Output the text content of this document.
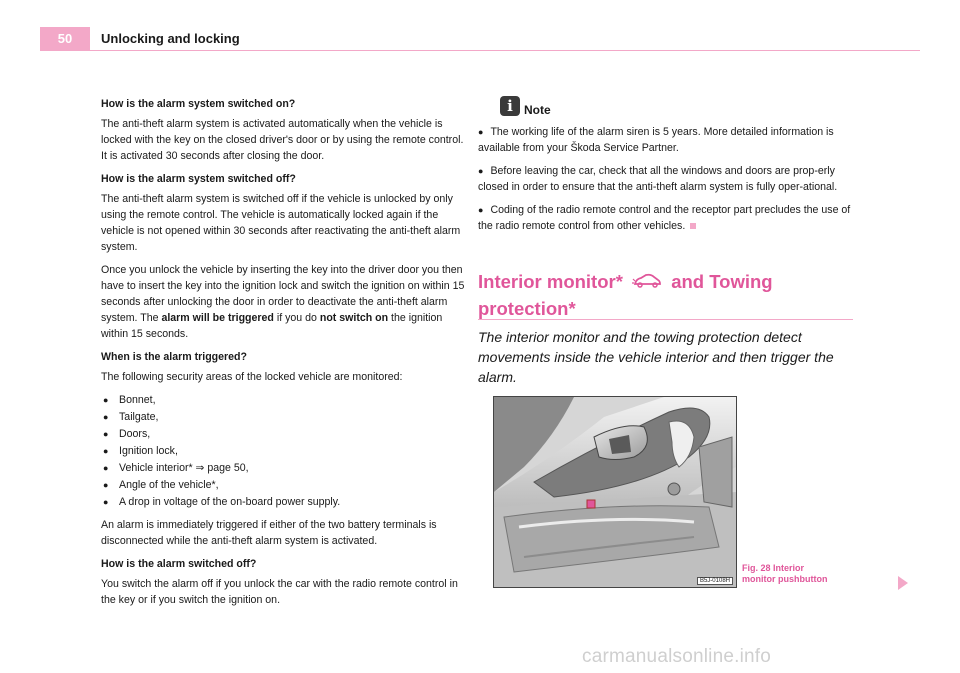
50	Unlocking and locking

How is the alarm system switched on?

The anti-theft alarm system is activated automatically when the vehicle is locked with the key on the closed driver's door or by using the remote control. It is activated 30 seconds after closing the door.

How is the alarm system switched off?

The anti-theft alarm system is switched off if the vehicle is unlocked by only using the remote control. The vehicle is automatically locked again if the vehicle is not opened within 30 seconds after reactivating the anti-theft alarm system.

Once you unlock the vehicle by inserting the key into the driver door you then have to insert the key into the ignition lock and switch the ignition on within 15 seconds after unlocking the door in order to deactivate the anti-theft alarm system. The alarm will be triggered if you do not switch on the ignition within 15 seconds.

When is the alarm triggered?

The following security areas of the locked vehicle are monitored:

● Bonnet,
● Tailgate,
● Doors,
● Ignition lock,
● Vehicle interior* ⇒ page 50,
● Angle of the vehicle*,
● A drop in voltage of the on-board power supply.

An alarm is immediately triggered if either of the two battery terminals is disconnected while the anti-theft alarm system is activated.

How is the alarm switched off?

You switch the alarm off if you unlock the car with the radio remote control in the key or if you switch the ignition on.

i Note

● The working life of the alarm siren is 5 years. More detailed information is available from your Škoda Service Partner.

● Before leaving the car, check that all the windows and doors are prop-erly closed in order to ensure that the anti-theft alarm system is fully oper-ational.

● Coding of the radio remote control and the receptor part precludes the use of the radio remote control from other vehicles.

Interior monitor*  and Towing protection*
The interior monitor and the towing protection detect movements inside the vehicle interior and then trigger the alarm.
B5J-0108H
Fig. 28 Interior
monitor pushbutton
carmanualsonline.info
